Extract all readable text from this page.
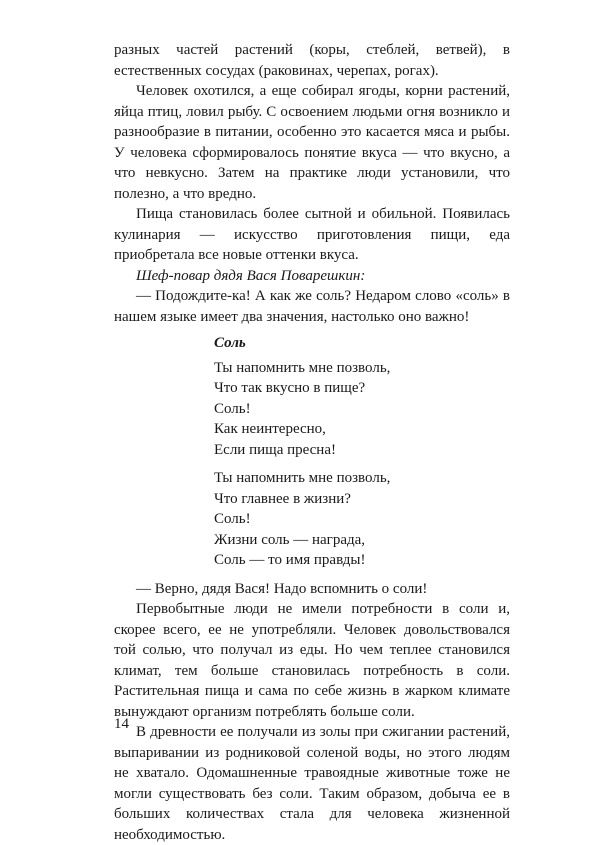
разных частей растений (коры, стеблей, ветвей), в естественных сосудах (раковинах, черепах, рогах).

Человек охотился, а еще собирал ягоды, корни растений, яйца птиц, ловил рыбу. С освоением людьми огня возникло и разнообразие в питании, особенно это касается мяса и рыбы. У человека сформировалось понятие вкуса — что вкусно, а что невкусно. Затем на практике люди установили, что полезно, а что вредно.

Пища становилась более сытной и обильной. Появилась кулинария — искусство приготовления пищи, еда приобретала все новые оттенки вкуса.

Шеф-повар дядя Вася Поварешкин:

— Подождите-ка! А как же соль? Недаром слово «соль» в нашем языке имеет два значения, настолько оно важно!

Соль
Ты напомнить мне позволь,
Что так вкусно в пище?
Соль!
Как неинтересно,
Если пища пресна!
Ты напомнить мне позволь,
Что главнее в жизни?
Соль!
Жизни соль — награда,
Соль — то имя правды!

— Верно, дядя Вася! Надо вспомнить о соли!

Первобытные люди не имели потребности в соли и, скорее всего, ее не употребляли. Человек довольствовался той солью, что получал из еды. Но чем теплее становился климат, тем больше становилась потребность в соли. Растительная пища и сама по себе жизнь в жарком климате вынуждают организм потреблять больше соли.

В древности ее получали из золы при сжигании растений, выпаривании из родниковой соленой воды, но этого людям не хватало. Одомашненные травоядные животные тоже не могли существовать без соли. Таким образом, добыча ее в больших количествах стала для человека жизненной необходимостью.

14
